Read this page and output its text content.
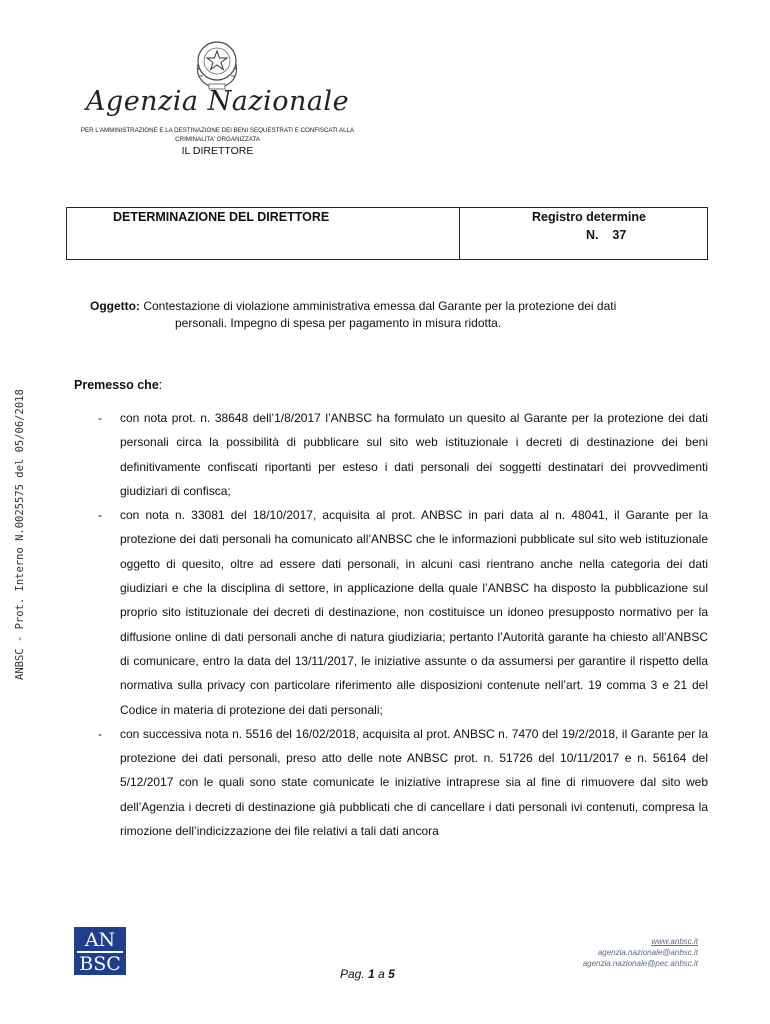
Agenzia Nazionale
PER L'AMMINISTRAZIONE E LA DESTINAZIONE DEI BENI SEQUESTRATI E CONFISCATI ALLA
CRIMINALITA' ORGANIZZATA
IL DIRETTORE
DETERMINAZIONE DEL DIRETTORE	Registro determine
N.    37
Oggetto: Contestazione di violazione amministrativa emessa dal Garante per la protezione dei dati
personali. Impegno di spesa per pagamento in misura ridotta.
ANBSC - Prot. Interno N.0025575 del 05/06/2018
Premesso che:
- con nota prot. n. 38648 dell’1/8/2017 l’ANBSC ha formulato un quesito al Garante per la protezione dei dati personali circa la possibilità di pubblicare sul sito web istituzionale i decreti di destinazione dei beni definitivamente confiscati riportanti per esteso i dati personali dei soggetti destinatari dei provvedimenti giudiziari di confisca;

- con nota n. 33081 del 18/10/2017, acquisita al prot. ANBSC in pari data al n. 48041, il Garante per la protezione dei dati personali ha comunicato all’ANBSC che le informazioni pubblicate sul sito web istituzionale oggetto di quesito, oltre ad essere dati personali, in alcuni casi rientrano anche nella categoria dei dati giudiziari e che la disciplina di settore, in applicazione della quale l’ANBSC ha disposto la pubblicazione sul proprio sito istituzionale dei decreti di destinazione, non costituisce un idoneo presupposto normativo per la diffusione online di dati personali anche di natura giudiziaria; pertanto l’Autorità garante ha chiesto all’ANBSC di comunicare, entro la data del 13/11/2017, le iniziative assunte o da assumersi per garantire il rispetto della normativa sulla privacy con particolare riferimento alle disposizioni contenute nell’art. 19 comma 3 e 21 del Codice in materia di protezione dei dati personali;

- con successiva nota n. 5516 del 16/02/2018, acquisita al prot. ANBSC n. 7470 del 19/2/2018, il Garante per la protezione dei dati personali, preso atto delle note ANBSC prot. n. 51726 del 10/11/2017 e n. 56164 del 5/12/2017 con le quali sono state comunicate le iniziative intraprese sia al fine di rimuovere dal sito web dell’Agenzia i decreti di destinazione già pubblicati che di cancellare i dati personali ivi contenuti, compresa la rimozione dell’indicizzazione dei file relativi a tali dati ancora

AN
BSC	Pag. 1 a 5
www.anbsc.it
agenzia.nazionale@anbsc.it
agenzia.nazionale@pec.anbsc.it
